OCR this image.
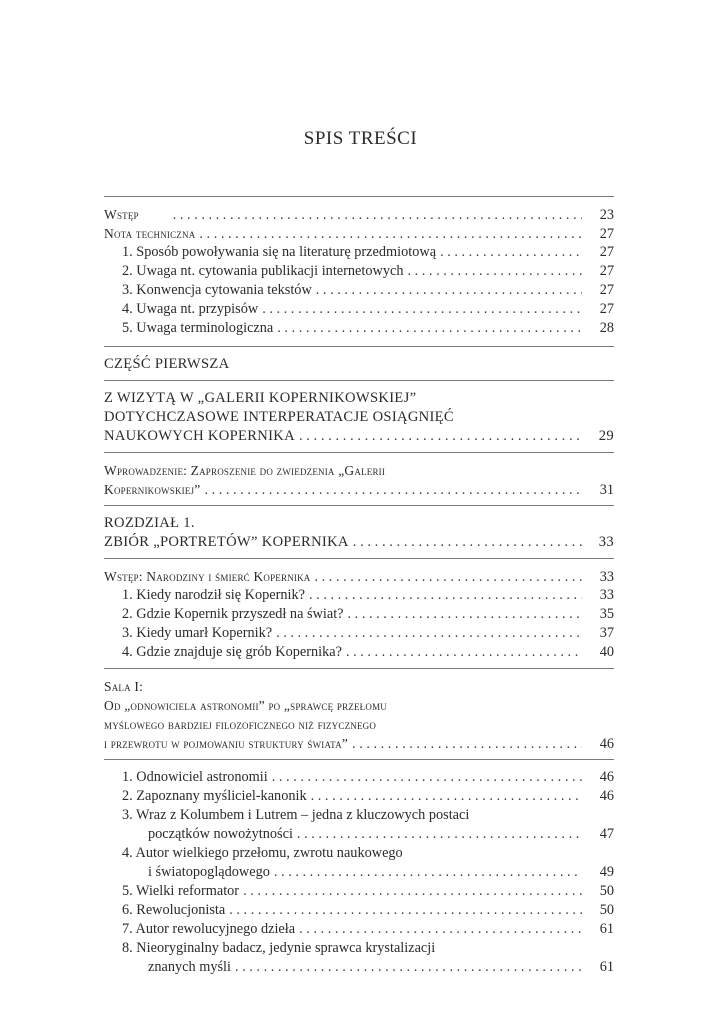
SPIS TREŚCI
Wstęp . . .	23
Nota techniczna . . .	27
1. Sposób powoływania się na literaturę przedmiotową . . .	27
2. Uwaga nt. cytowania publikacji internetowych . . .	27
3. Konwencja cytowania tekstów . . .	27
4. Uwaga nt. przypisów . . .	27
5. Uwaga terminologiczna . . .	28
CZĘŚĆ PIERWSZA
Z WIZYTĄ W „GALERII KOPERNIKOWSKIEJ”
DOTYCHCZASOWE INTERPERATACJE OSIĄGNIĘĆ
NAUKOWYCH KOPERNIKA . . .	29
Wprowadzenie: Zaproszenie do zwiedzenia „Galerii
Kopernikowskiej” . . .	31
ROZDZIAŁ 1.
ZBIÓR „PORTRETÓW” KOPERNIKA . . .	33
Wstęp: Narodziny i śmierć Kopernika . . .	33
1. Kiedy narodził się Kopernik? . . .	33
2. Gdzie Kopernik przyszedł na świat? . . .	35
3. Kiedy umarł Kopernik? . . .	37
4. Gdzie znajduje się grób Kopernika? . . .	40
Sala I:
Od „odnowiciela astronomii” po „sprawcę przełomu
myślowego bardziej filozoficznego niż fizycznego
i przewrotu w pojmowaniu struktury świata” . . .	46
1. Odnowiciel astronomii . . .	46
2. Zapoznany myśliciel-kanonik . . .	46
3. Wraz z Kolumbem i Lutrem – jedna z kluczowych postaci
początków nowożytności . . .	47
4. Autor wielkiego przełomu, zwrotu naukowego
i światopoglądowego . . .	49
5. Wielki reformator . . .	50
6. Rewolucjonista . . .	50
7. Autor rewolucyjnego dzieła . . .	61
8. Nieoryginalny badacz, jedynie sprawca krystalizacji
znanych myśli . . .	61
